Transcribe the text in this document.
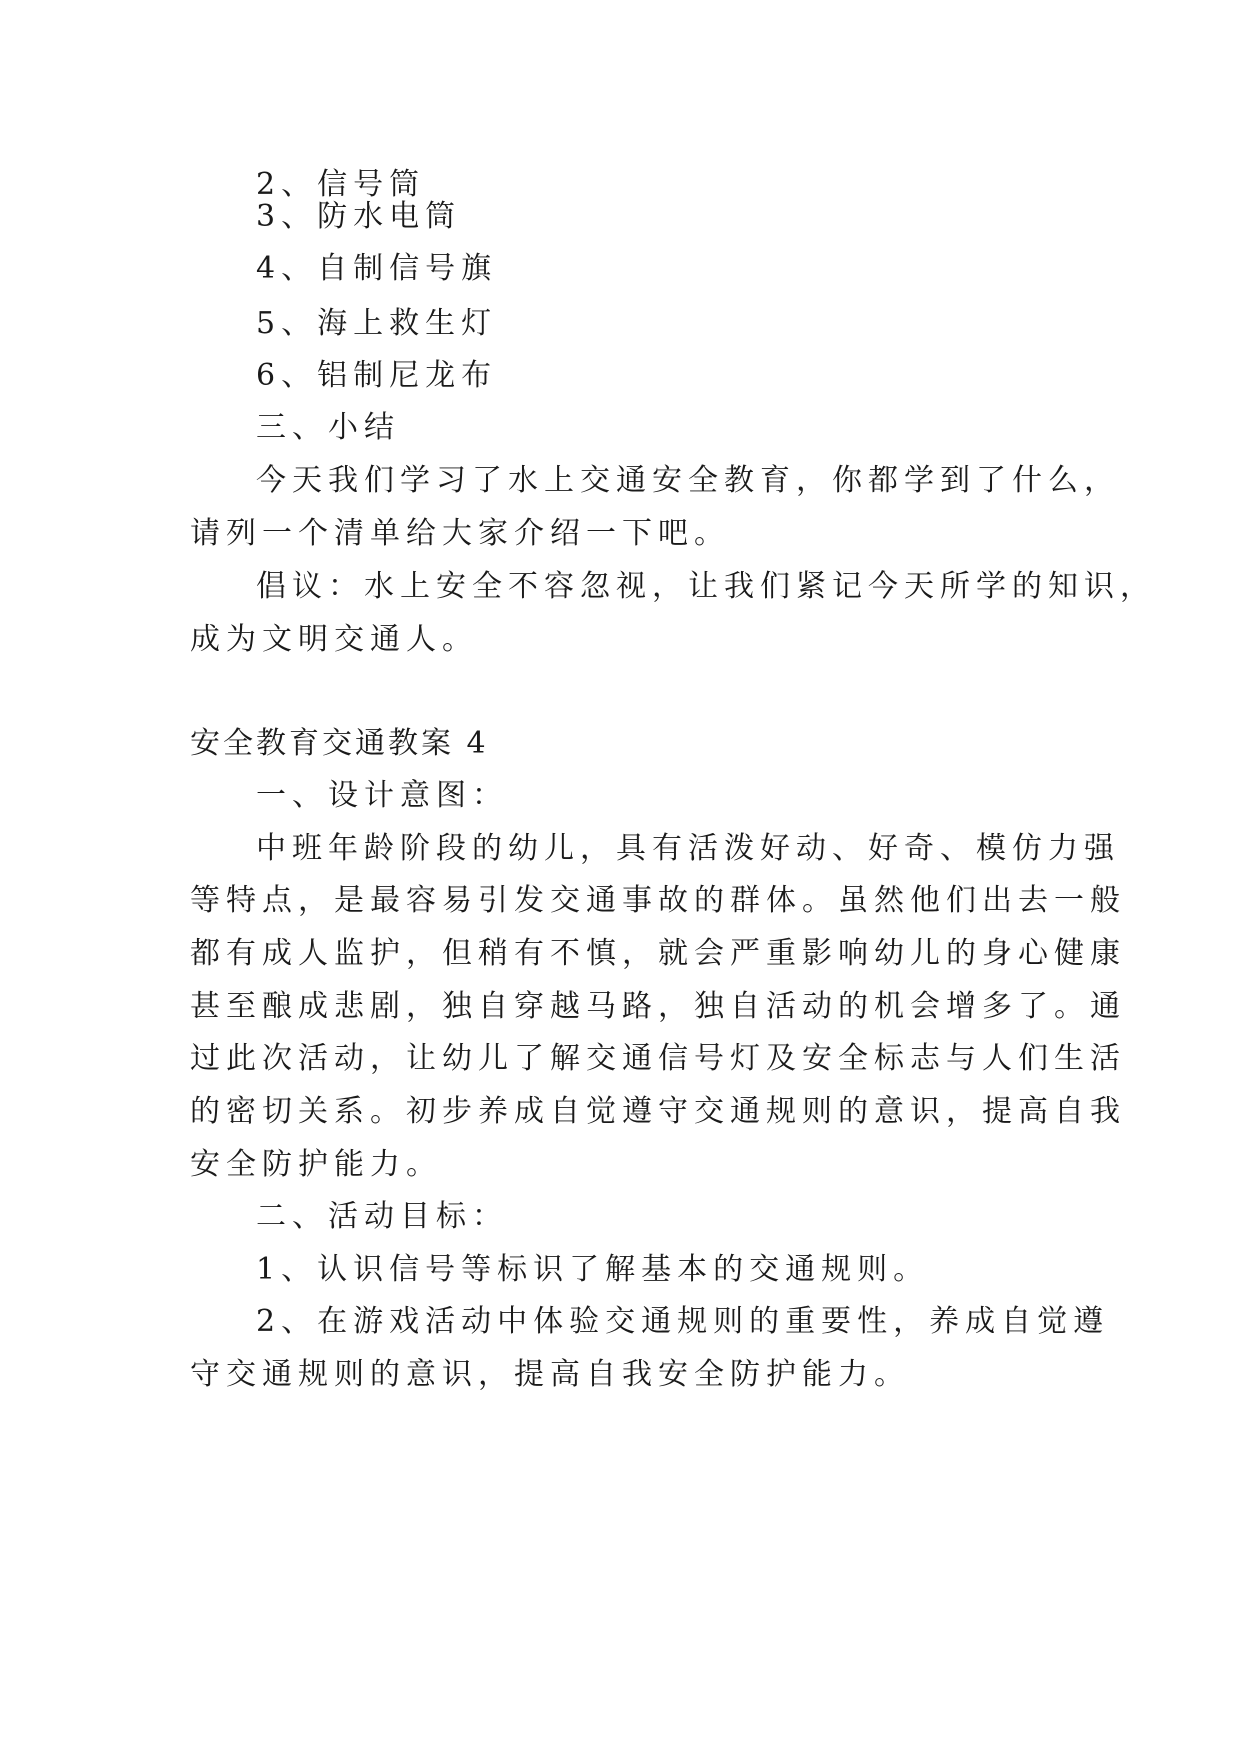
2、信号筒
3、防水电筒
4、自制信号旗
5、海上救生灯
6、铝制尼龙布
三、小结
今天我们学习了水上交通安全教育，你都学到了什么，
请列一个清单给大家介绍一下吧。
倡议：水上安全不容忽视，让我们紧记今天所学的知识，
成为文明交通人。
安全教育交通教案 4
一、设计意图：
中班年龄阶段的幼儿，具有活泼好动、好奇、模仿力强
等特点，是最容易引发交通事故的群体。虽然他们出去一般
都有成人监护，但稍有不慎，就会严重影响幼儿的身心健康
甚至酿成悲剧，独自穿越马路，独自活动的机会增多了。通
过此次活动，让幼儿了解交通信号灯及安全标志与人们生活
的密切关系。初步养成自觉遵守交通规则的意识，提高自我
安全防护能力。
二、活动目标：
1、认识信号等标识了解基本的交通规则。
2、在游戏活动中体验交通规则的重要性，养成自觉遵
守交通规则的意识，提高自我安全防护能力。
